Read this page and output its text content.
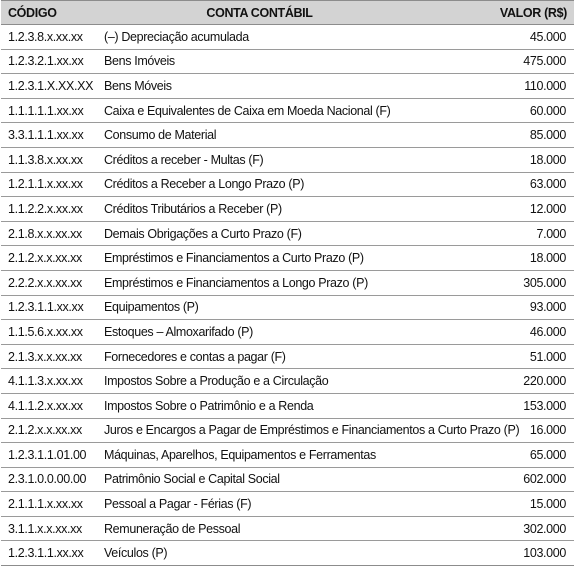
CÓDIGO	CONTA CONTÁBIL	VALOR (R$)
1.2.3.8.x.xx.xx	(–) Depreciação acumulada	45.000
1.2.3.2.1.xx.xx	Bens Imóveis	475.000
1.2.3.1.X.XX.XX	Bens Móveis	110.000
1.1.1.1.1.xx.xx	Caixa e Equivalentes de Caixa em Moeda Nacional (F)	60.000
3.3.1.1.1.xx.xx	Consumo de Material	85.000
1.1.3.8.x.xx.xx	Créditos a receber - Multas (F)	18.000
1.2.1.1.x.xx.xx	Créditos a Receber a Longo Prazo (P)	63.000
1.1.2.2.x.xx.xx	Créditos Tributários a Receber (P)	12.000
2.1.8.x.x.xx.xx	Demais Obrigações a Curto Prazo (F)	7.000
2.1.2.x.x.xx.xx	Empréstimos e Financiamentos a Curto Prazo (P)	18.000
2.2.2.x.x.xx.xx	Empréstimos e Financiamentos a Longo Prazo (P)	305.000
1.2.3.1.1.xx.xx	Equipamentos (P)	93.000
1.1.5.6.x.xx.xx	Estoques – Almoxarifado (P)	46.000
2.1.3.x.x.xx.xx	Fornecedores e contas a pagar (F)	51.000
4.1.1.3.x.xx.xx	Impostos Sobre a Produção e a Circulação	220.000
4.1.1.2.x.xx.xx	Impostos Sobre o Patrimônio e a Renda	153.000
2.1.2.x.x.xx.xx	Juros e Encargos a Pagar de Empréstimos e Financiamentos a Curto Prazo (P)	16.000
1.2.3.1.1.01.00	Máquinas, Aparelhos, Equipamentos e Ferramentas	65.000
2.3.1.0.0.00.00	Patrimônio Social e Capital Social	602.000
2.1.1.1.x.xx.xx	Pessoal a Pagar - Férias (F)	15.000
3.1.1.x.x.xx.xx	Remuneração de Pessoal	302.000
1.2.3.1.1.xx.xx	Veículos (P)	103.000
